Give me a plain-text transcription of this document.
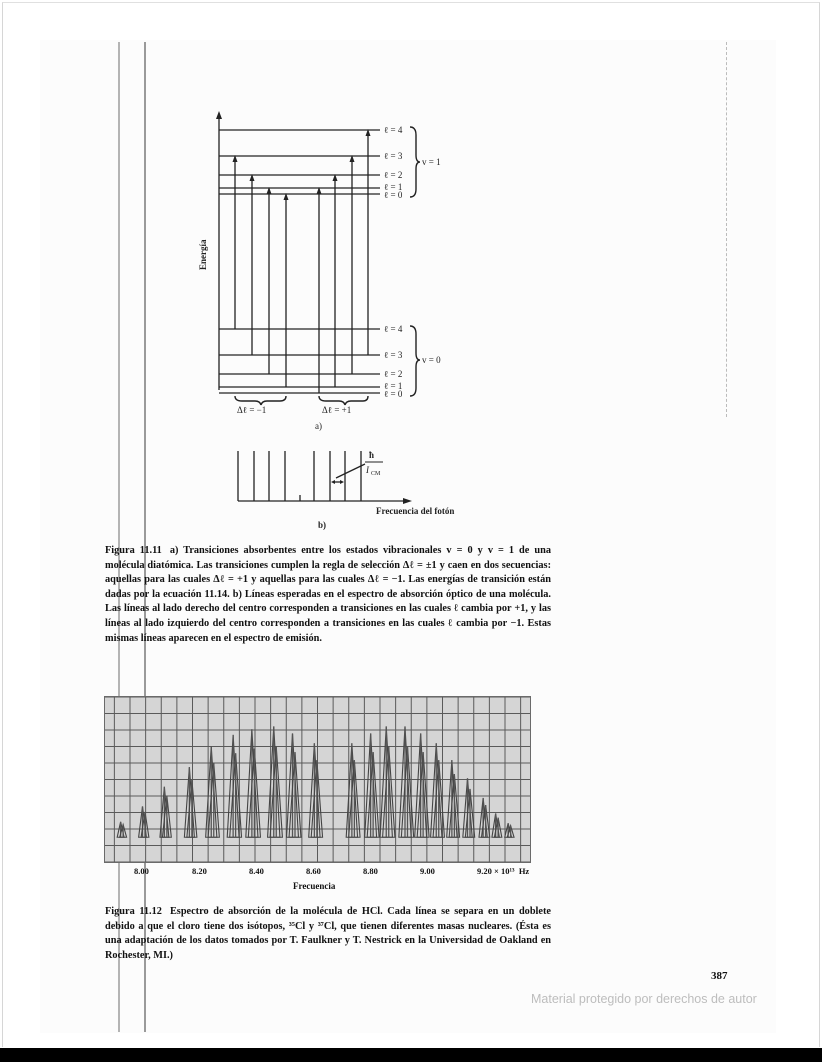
ℓ = 4
ℓ = 3
ℓ = 2
ℓ = 1
ℓ = 0
v = 1
ℓ = 4
ℓ = 3
ℓ = 2
ℓ = 1
ℓ = 0
v = 0
Δℓ = −1	Δℓ = +1
a)
Energía
ħ
I CM
Frecuencia del fotón
b)
Figura 11.11 a) Transiciones absorbentes entre los estados vibracionales v = 0 y v = 1 de una molécula diatómica. Las transiciones cumplen la regla de selección Δℓ = ±1 y caen en dos secuencias: aquellas para las cuales Δℓ = +1 y aquellas para las cuales Δℓ = −1. Las energías de transición están dadas por la ecuación 11.14. b) Líneas esperadas en el espectro de absorción óptico de una molécula. Las líneas al lado derecho del centro corresponden a transiciones en las cuales ℓ cambia por +1, y las líneas al lado izquierdo del centro corresponden a transiciones en las cuales ℓ cambia por −1. Estas mismas líneas aparecen en el espectro de emisión.
8.00	8.20	8.40	8.60	8.80	9.00	9.20 × 10¹³  Hz
Frecuencia
Figura 11.12 Espectro de absorción de la molécula de HCl. Cada línea se separa en un doblete debido a que el cloro tiene dos isótopos, ³⁵Cl y ³⁷Cl, que tienen diferentes masas nucleares. (Ésta es una adaptación de los datos tomados por T. Faulkner y T. Nestrick en la Universidad de Oakland en Rochester, MI.)
387
Material protegido por derechos de autor
